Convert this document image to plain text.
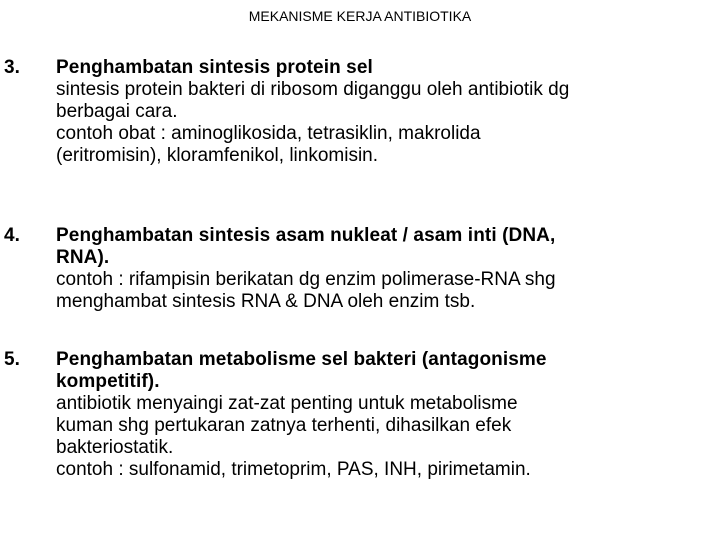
MEKANISME KERJA ANTIBIOTIKA
3. Penghambatan sintesis protein sel

sintesis protein bakteri di ribosom diganggu oleh antibiotik dg

berbagai cara.

contoh obat : aminoglikosida, tetrasiklin, makrolida

(eritromisin), kloramfenikol, linkomisin.

4. Penghambatan sintesis asam nukleat / asam inti (DNA,

RNA).

contoh : rifampisin berikatan dg enzim polimerase-RNA shg

menghambat sintesis RNA & DNA oleh enzim tsb.

5. Penghambatan metabolisme sel bakteri (antagonisme

kompetitif).

antibiotik menyaingi zat-zat penting untuk metabolisme

kuman shg pertukaran zatnya terhenti, dihasilkan efek

bakteriostatik.

contoh : sulfonamid, trimetoprim, PAS, INH, pirimetamin.
